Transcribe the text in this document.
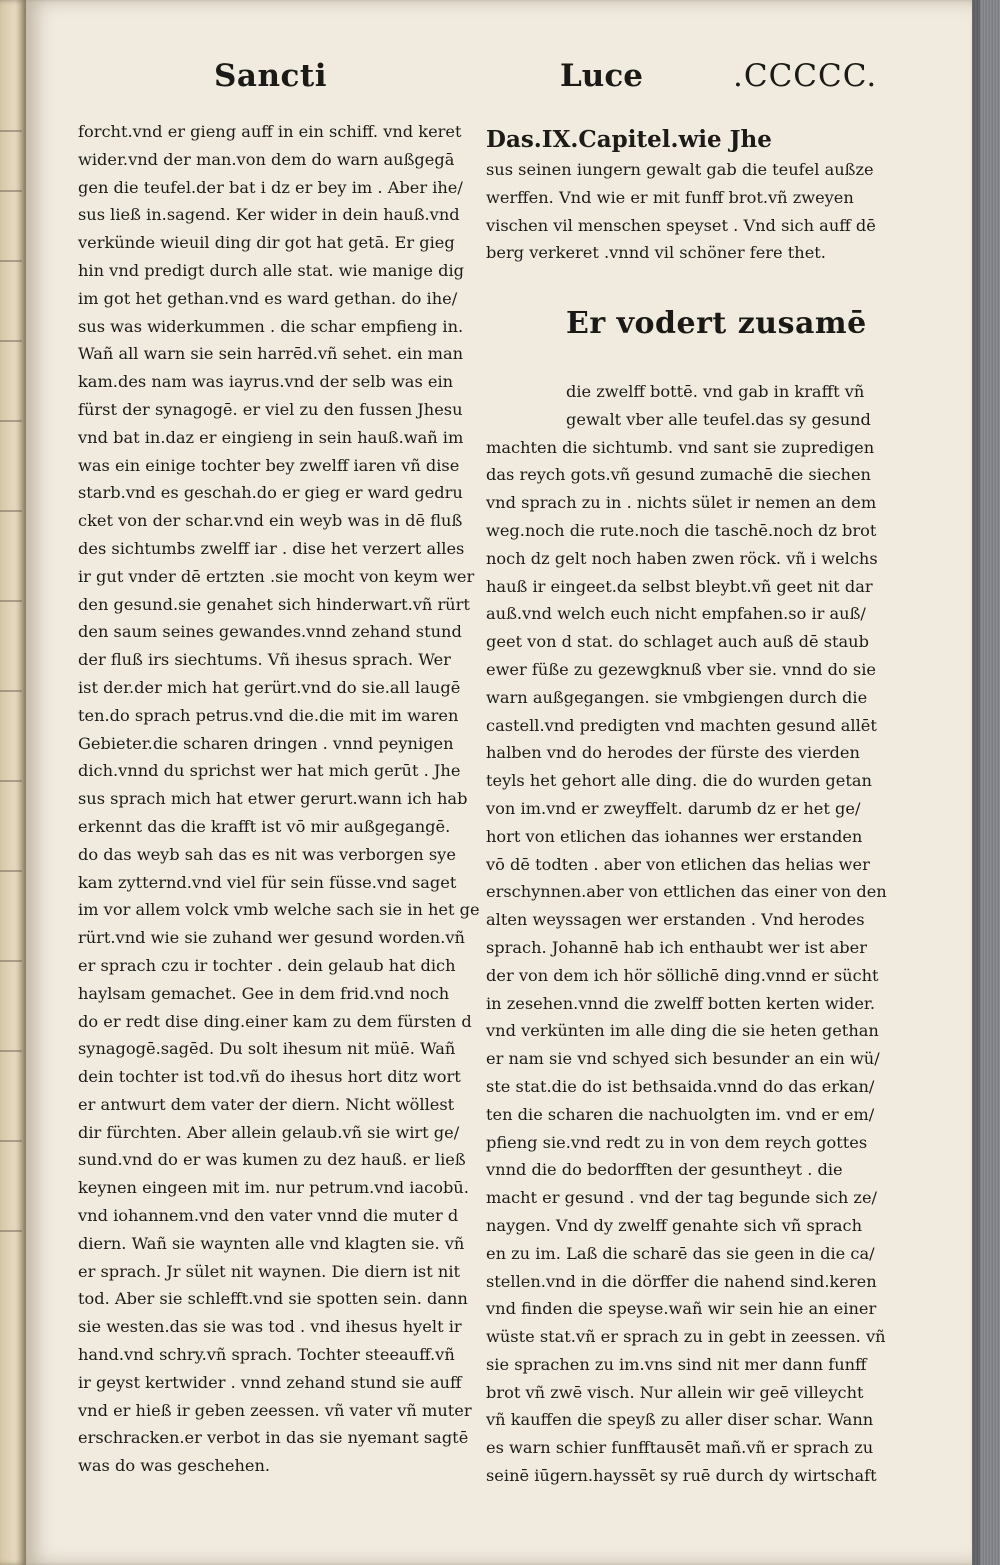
Sancti	Luce	.CCCCC.
forcht.vnd er gieng auff in ein schiff. vnd keret
wider.vnd der man.von dem do warn außgegā
gen die teufel.der bat i dz er bey im . Aber ihe/
sus ließ in.sagend. Ker wider in dein hauß.vnd
verkünde wieuil ding dir got hat getā. Er gieg
hin vnd predigt durch alle stat. wie manige dig
im got het gethan.vnd es ward gethan. do ihe/
sus was widerkummen . die schar empfieng in.
Wañ all warn sie sein harrēd.vñ sehet. ein man
kam.des nam was iayrus.vnd der selb was ein
fürst der synagogē. er viel zu den fussen Jhesu
vnd bat in.daz er eingieng in sein hauß.wañ im
was ein einige tochter bey zwelff iaren vñ dise
starb.vnd es geschah.do er gieg er ward gedru
cket von der schar.vnd ein weyb was in dē fluß
des sichtumbs zwelff iar . dise het verzert alles
ir gut vnder dē ertzten .sie mocht von keym wer
den gesund.sie genahet sich hinderwart.vñ rürt
den saum seines gewandes.vnnd zehand stund
der fluß irs siechtums. Vñ ihesus sprach. Wer
ist der.der mich hat gerürt.vnd do sie.all laugē
ten.do sprach petrus.vnd die.die mit im waren
Gebieter.die scharen dringen . vnnd peynigen
dich.vnnd du sprichst wer hat mich gerūt . Jhe
sus sprach mich hat etwer gerurt.wann ich hab
erkennt das die krafft ist vō mir außgegangē.
do das weyb sah das es nit was verborgen sye
kam zytternd.vnd viel für sein füsse.vnd saget
im vor allem volck vmb welche sach sie in het ge
rürt.vnd wie sie zuhand wer gesund worden.vñ
er sprach czu ir tochter . dein gelaub hat dich
haylsam gemachet. Gee in dem frid.vnd noch
do er redt dise ding.einer kam zu dem fürsten d
synagogē.sagēd. Du solt ihesum nit müē. Wañ
dein tochter ist tod.vñ do ihesus hort ditz wort
er antwurt dem vater der diern. Nicht wöllest
dir fürchten. Aber allein gelaub.vñ sie wirt ge/
sund.vnd do er was kumen zu dez hauß. er ließ
keynen eingeen mit im. nur petrum.vnd iacobū.
vnd iohannem.vnd den vater vnnd die muter d
diern. Wañ sie waynten alle vnd klagten sie. vñ
er sprach. Jr sület nit waynen. Die diern ist nit
tod. Aber sie schlefft.vnd sie spotten sein. dann
sie westen.das sie was tod . vnd ihesus hyelt ir
hand.vnd schry.vñ sprach. Tochter steeauff.vñ
ir geyst kertwider . vnnd zehand stund sie auff
vnd er hieß ir geben zeessen. vñ vater vñ muter
erschracken.er verbot in das sie nyemant sagtē
was do was geschehen.
Das.IX.Capitel.wie Jhe
sus seinen iungern gewalt gab die teufel außze
werffen. Vnd wie er mit funff brot.vñ zweyen
vischen vil menschen speyset . Vnd sich auff dē
berg verkeret .vnnd vil schöner fere thet.
Er vodert zusamē
die zwelff bottē. vnd gab in krafft vñ
gewalt vber alle teufel.das sy gesund
machten die sichtumb. vnd sant sie zupredigen
das reych gots.vñ gesund zumachē die siechen
vnd sprach zu in . nichts sület ir nemen an dem
weg.noch die rute.noch die taschē.noch dz brot
noch dz gelt noch haben zwen röck. vñ i welchs
hauß ir eingeet.da selbst bleybt.vñ geet nit dar
auß.vnd welch euch nicht empfahen.so ir auß/
geet von d stat. do schlaget auch auß dē staub
ewer füße zu gezewgknuß vber sie. vnnd do sie
warn außgegangen. sie vmbgiengen durch die
castell.vnd predigten vnd machten gesund allēt
halben vnd do herodes der fürste des vierden
teyls het gehort alle ding. die do wurden getan
von im.vnd er zweyffelt. darumb dz er het ge/
hort von etlichen das iohannes wer erstanden
vō dē todten . aber von etlichen das helias wer
erschynnen.aber von ettlichen das einer von den
alten weyssagen wer erstanden . Vnd herodes
sprach. Johannē hab ich enthaubt wer ist aber
der von dem ich hör söllichē ding.vnnd er sücht
in zesehen.vnnd die zwelff botten kerten wider.
vnd verkünten im alle ding die sie heten gethan
er nam sie vnd schyed sich besunder an ein wü/
ste stat.die do ist bethsaida.vnnd do das erkan/
ten die scharen die nachuolgten im. vnd er em/
pfieng sie.vnd redt zu in von dem reych gottes
vnnd die do bedorfften der gesuntheyt . die
macht er gesund . vnd der tag begunde sich ze/
naygen. Vnd dy zwelff genahte sich vñ sprach
en zu im. Laß die scharē das sie geen in die ca/
stellen.vnd in die dörffer die nahend sind.keren
vnd finden die speyse.wañ wir sein hie an einer
wüste stat.vñ er sprach zu in gebt in zeessen. vñ
sie sprachen zu im.vns sind nit mer dann funff
brot vñ zwē visch. Nur allein wir geē villeycht
vñ kauffen die speyß zu aller diser schar. Wann
es warn schier funfftausēt mañ.vñ er sprach zu
seinē iūgern.hayssēt sy ruē durch dy wirtschaft
